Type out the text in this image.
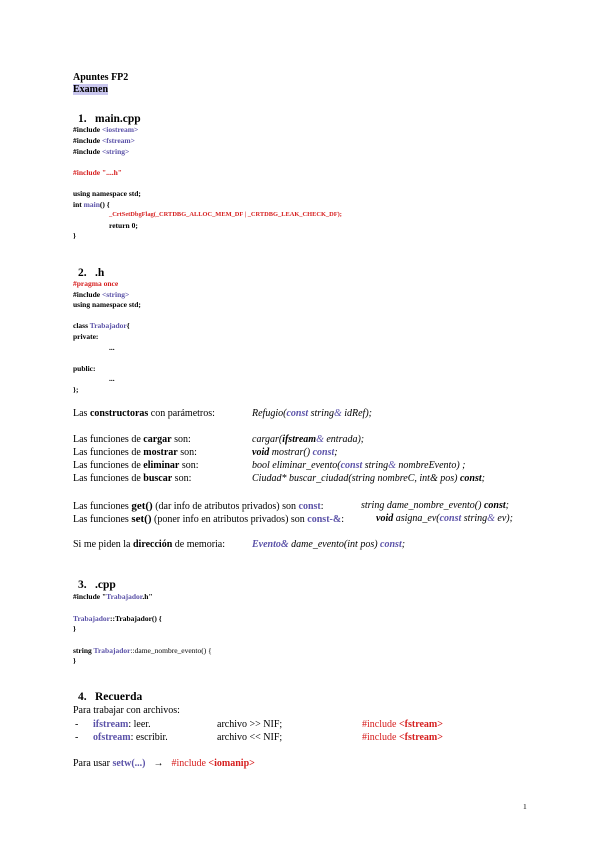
Apuntes FP2
Examen
1. main.cpp
#include <iostream>
#include <fstream>
#include <string>
#include "....h"
using namespace std;
int main() {
_CrtSetDbgFlag(_CRTDBG_ALLOC_MEM_DF | _CRTDBG_LEAK_CHECK_DF);
return 0;
}
2. .h
#pragma once
#include <string>
using namespace std;
class Trabajador{
private:
...
public:
...
};
Las constructoras con parámetros:	Refugio(const string& idRef);
Las funciones de cargar son:	cargar(ifstream& entrada);
Las funciones de mostrar son:	void mostrar() const;
Las funciones de eliminar son:	bool eliminar_evento(const string& nombreEvento) ;
Las funciones de buscar son:	Ciudad* buscar_ciudad(string nombreC, int& pos) const;
Las funciones get() (dar info de atributos privados) son const:	string dame_nombre_evento() const;
Las funciones set() (poner info en atributos privados) son const-&:	void asigna_ev(const string& ev);
Si me piden la dirección de memoria:	Evento& dame_evento(int pos) const;
3. .cpp
#include "Trabajador.h"
Trabajador::Trabajador() {
}
string Trabajador::dame_nombre_evento() {
}
4. Recuerda
Para trabajar con archivos:
- ifstream: leer.	archivo >> NIF;	#include <fstream>
- ofstream: escribir.	archivo << NIF;	#include <fstream>
Para usar setw(...) → #include <iomanip>
1
